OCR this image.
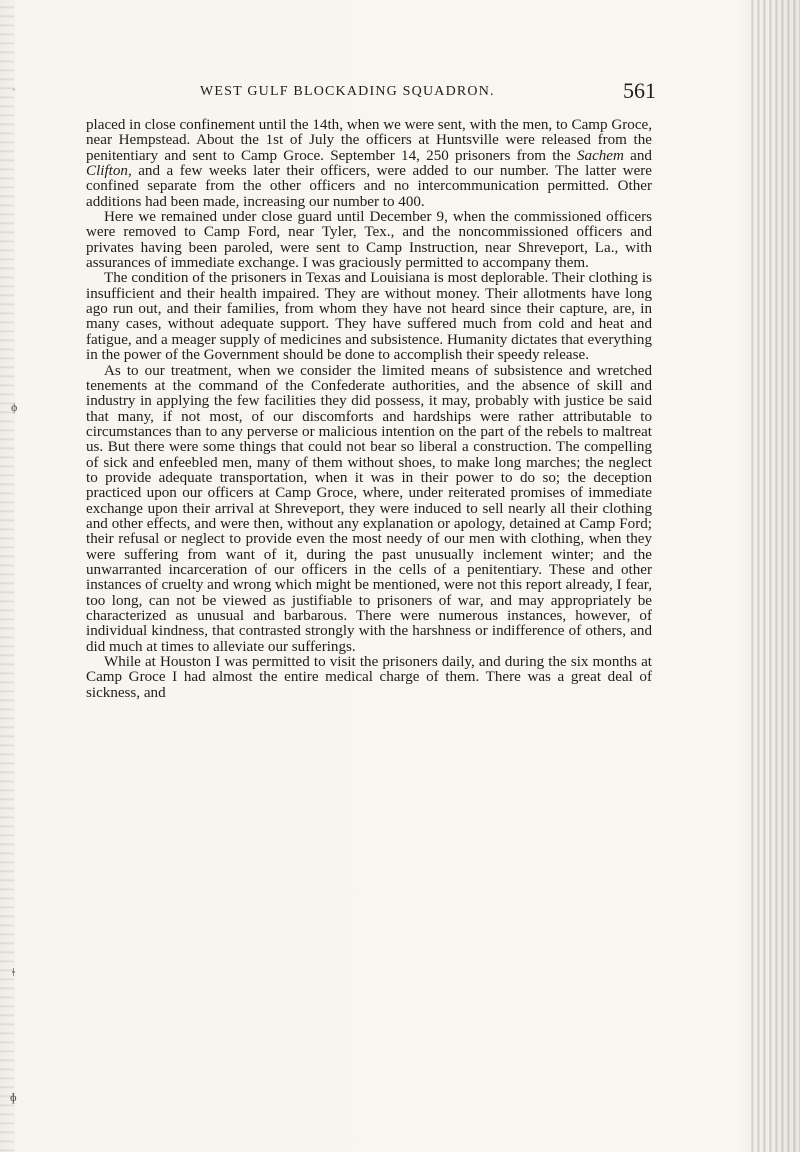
WEST GULF BLOCKADING SQUADRON.	561

placed in close confinement until the 14th, when we were sent, with the men, to Camp Groce, near Hempstead. About the 1st of July the officers at Huntsville were released from the penitentiary and sent to Camp Groce. September 14, 250 prisoners from the Sachem and Clifton, and a few weeks later their officers, were added to our number. The latter were confined separate from the other officers and no intercommunication permitted. Other additions had been made, increasing our number to 400.

Here we remained under close guard until December 9, when the commissioned officers were removed to Camp Ford, near Tyler, Tex., and the noncommissioned officers and privates having been paroled, were sent to Camp Instruction, near Shreveport, La., with assurances of immediate exchange. I was graciously permitted to accompany them.

The condition of the prisoners in Texas and Louisiana is most deplorable. Their clothing is insufficient and their health impaired. They are without money. Their allotments have long ago run out, and their families, from whom they have not heard since their capture, are, in many cases, without adequate support. They have suffered much from cold and heat and fatigue, and a meager supply of medicines and subsistence. Humanity dictates that everything in the power of the Government should be done to accomplish their speedy release.

As to our treatment, when we consider the limited means of subsistence and wretched tenements at the command of the Confederate authorities, and the absence of skill and industry in applying the few facilities they did possess, it may, probably with justice be said that many, if not most, of our discomforts and hardships were rather attributable to circumstances than to any perverse or malicious intention on the part of the rebels to maltreat us. But there were some things that could not bear so liberal a construction. The compelling of sick and enfeebled men, many of them without shoes, to make long marches; the neglect to provide adequate transportation, when it was in their power to do so; the deception practiced upon our officers at Camp Groce, where, under reiterated promises of immediate exchange upon their arrival at Shreveport, they were induced to sell nearly all their clothing and other effects, and were then, without any explanation or apology, detained at Camp Ford; their refusal or neglect to provide even the most needy of our men with clothing, when they were suffering from want of it, during the past unusually inclement winter; and the unwarranted incarceration of our officers in the cells of a penitentiary. These and other instances of cruelty and wrong which might be mentioned, were not this report already, I fear, too long, can not be viewed as justifiable to prisoners of war, and may appropriately be characterized as unusual and barbarous. There were numerous instances, however, of individual kindness, that contrasted strongly with the harshness or indifference of others, and did much at times to alleviate our sufferings.

While at Houston I was permitted to visit the prisoners daily, and during the six months at Camp Groce I had almost the entire medical charge of them. There was a great deal of sickness, and

ˈ
ϕ
ǂ
ɸ
